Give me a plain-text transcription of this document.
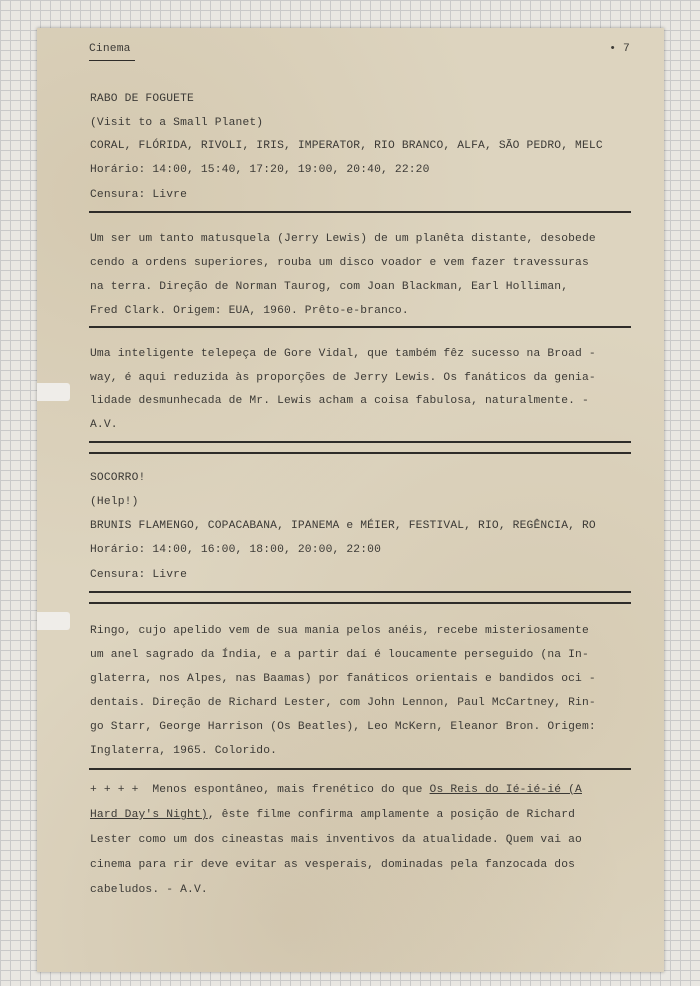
Cinema	• 7
RABO DE FOGUETE
(Visit to a Small Planet)
CORAL, FLÓRIDA, RIVOLI, IRIS, IMPERATOR, RIO BRANCO, ALFA, SÃO PEDRO, MELC
Horário: 14:00, 15:40, 17:20, 19:00, 20:40, 22:20
Censura: Livre
Um ser um tanto matusquela (Jerry Lewis) de um planêta distante, desobede
cendo a ordens superiores, rouba um disco voador e vem fazer travessuras
na terra. Direção de Norman Taurog, com Joan Blackman, Earl Holliman,
Fred Clark. Origem: EUA, 1960. Prêto-e-branco.
Uma inteligente telepeça de Gore Vidal, que também fêz sucesso na Broad -
way, é aqui reduzida às proporções de Jerry Lewis. Os fanáticos da genia-
lidade desmunhecada de Mr. Lewis acham a coisa fabulosa, naturalmente. -
A.V.
SOCORRO!
(Help!)
BRUNIS FLAMENGO, COPACABANA, IPANEMA e MÉIER, FESTIVAL, RIO, REGÊNCIA, RO
Horário: 14:00, 16:00, 18:00, 20:00, 22:00
Censura: Livre
Ringo, cujo apelido vem de sua mania pelos anéis, recebe misteriosamente
um anel sagrado da Índia, e a partir daí é loucamente perseguido (na In-
glaterra, nos Alpes, nas Baamas) por fanáticos orientais e bandidos oci -
dentais. Direção de Richard Lester, com John Lennon, Paul McCartney, Rin-
go Starr, George Harrison (Os Beatles), Leo McKern, Eleanor Bron. Origem:
Inglaterra, 1965. Colorido.
+ + + +  Menos espontâneo, mais frenético do que Os Reis do Ié-ié-ié (A
Hard Day's Night), êste filme confirma amplamente a posição de Richard
Lester como um dos cineastas mais inventivos da atualidade. Quem vai ao
cinema para rir deve evitar as vesperais, dominadas pela fanzocada dos
cabeludos. - A.V.
